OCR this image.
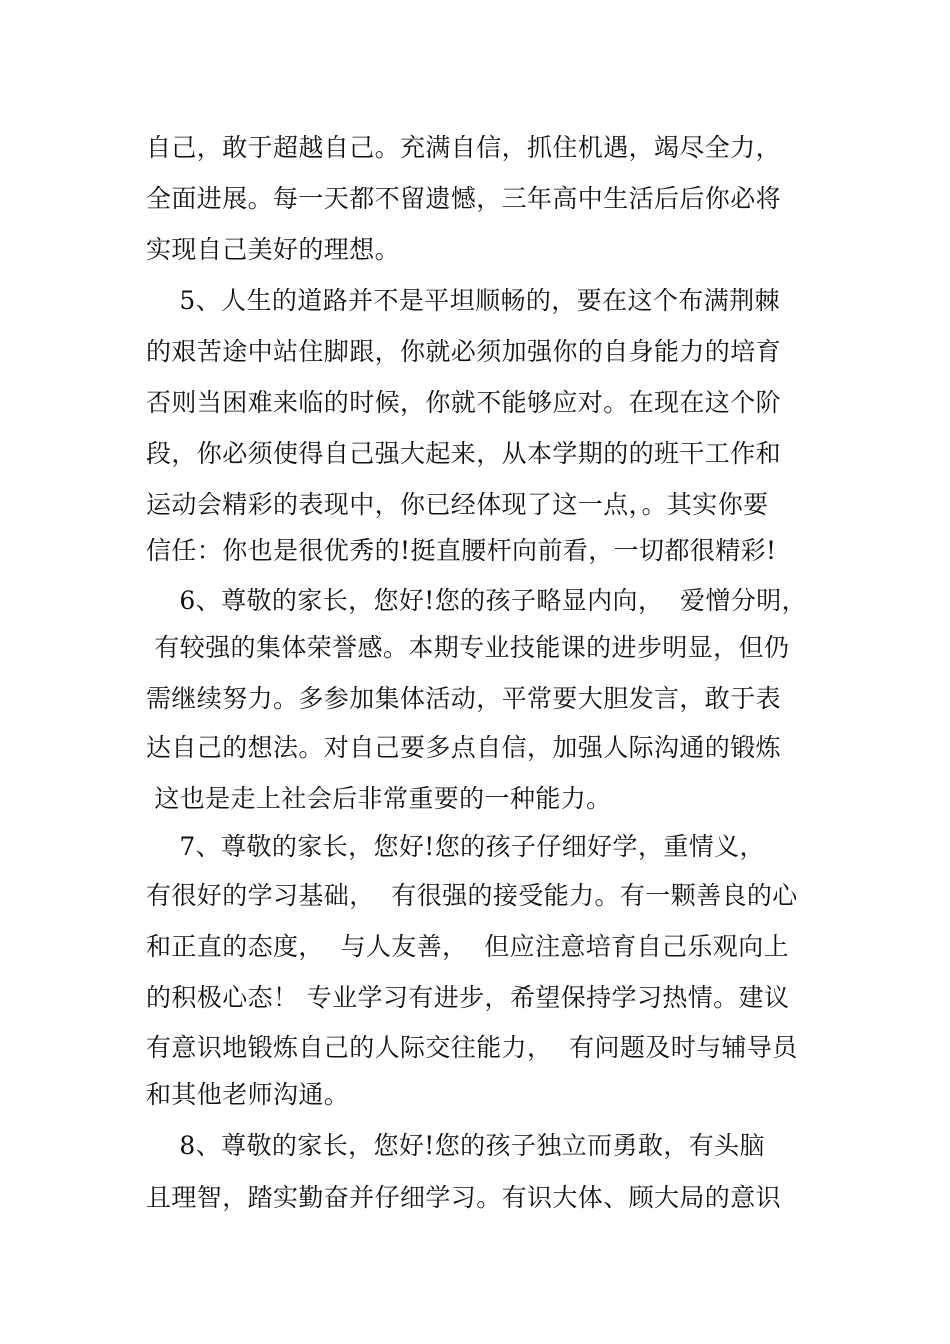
自己，敢于超越自己。充满自信，抓住机遇，竭尽全力，
全面进展。每一天都不留遗憾，三年高中生活后后你必将
实现自己美好的理想。
5、人生的道路并不是平坦顺畅的，要在这个布满荆棘
的艰苦途中站住脚跟，你就必须加强你的自身能力的培育
否则当困难来临的时候，你就不能够应对。在现在这个阶
段，你必须使得自己强大起来，从本学期的的班干工作和
运动会精彩的表现中，你已经体现了这一点，。其实你要
信任：你也是很优秀的!挺直腰杆向前看，一切都很精彩!
6、尊敬的家长，您好!您的孩子略显内向，  爱憎分明，
有较强的集体荣誉感。本期专业技能课的进步明显，但仍
需继续努力。多参加集体活动，平常要大胆发言，敢于表
达自己的想法。对自己要多点自信，加强人际沟通的锻炼
这也是走上社会后非常重要的一种能力。
7、尊敬的家长，您好!您的孩子仔细好学，重情义，
有很好的学习基础，  有很强的接受能力。有一颗善良的心
和正直的态度，  与人友善，  但应注意培育自己乐观向上
的积极心态！ 专业学习有进步，希望保持学习热情。建议
有意识地锻炼自己的人际交往能力，  有问题及时与辅导员
和其他老师沟通。
8、尊敬的家长，您好!您的孩子独立而勇敢，有头脑
且理智，踏实勤奋并仔细学习。有识大体、顾大局的意识
